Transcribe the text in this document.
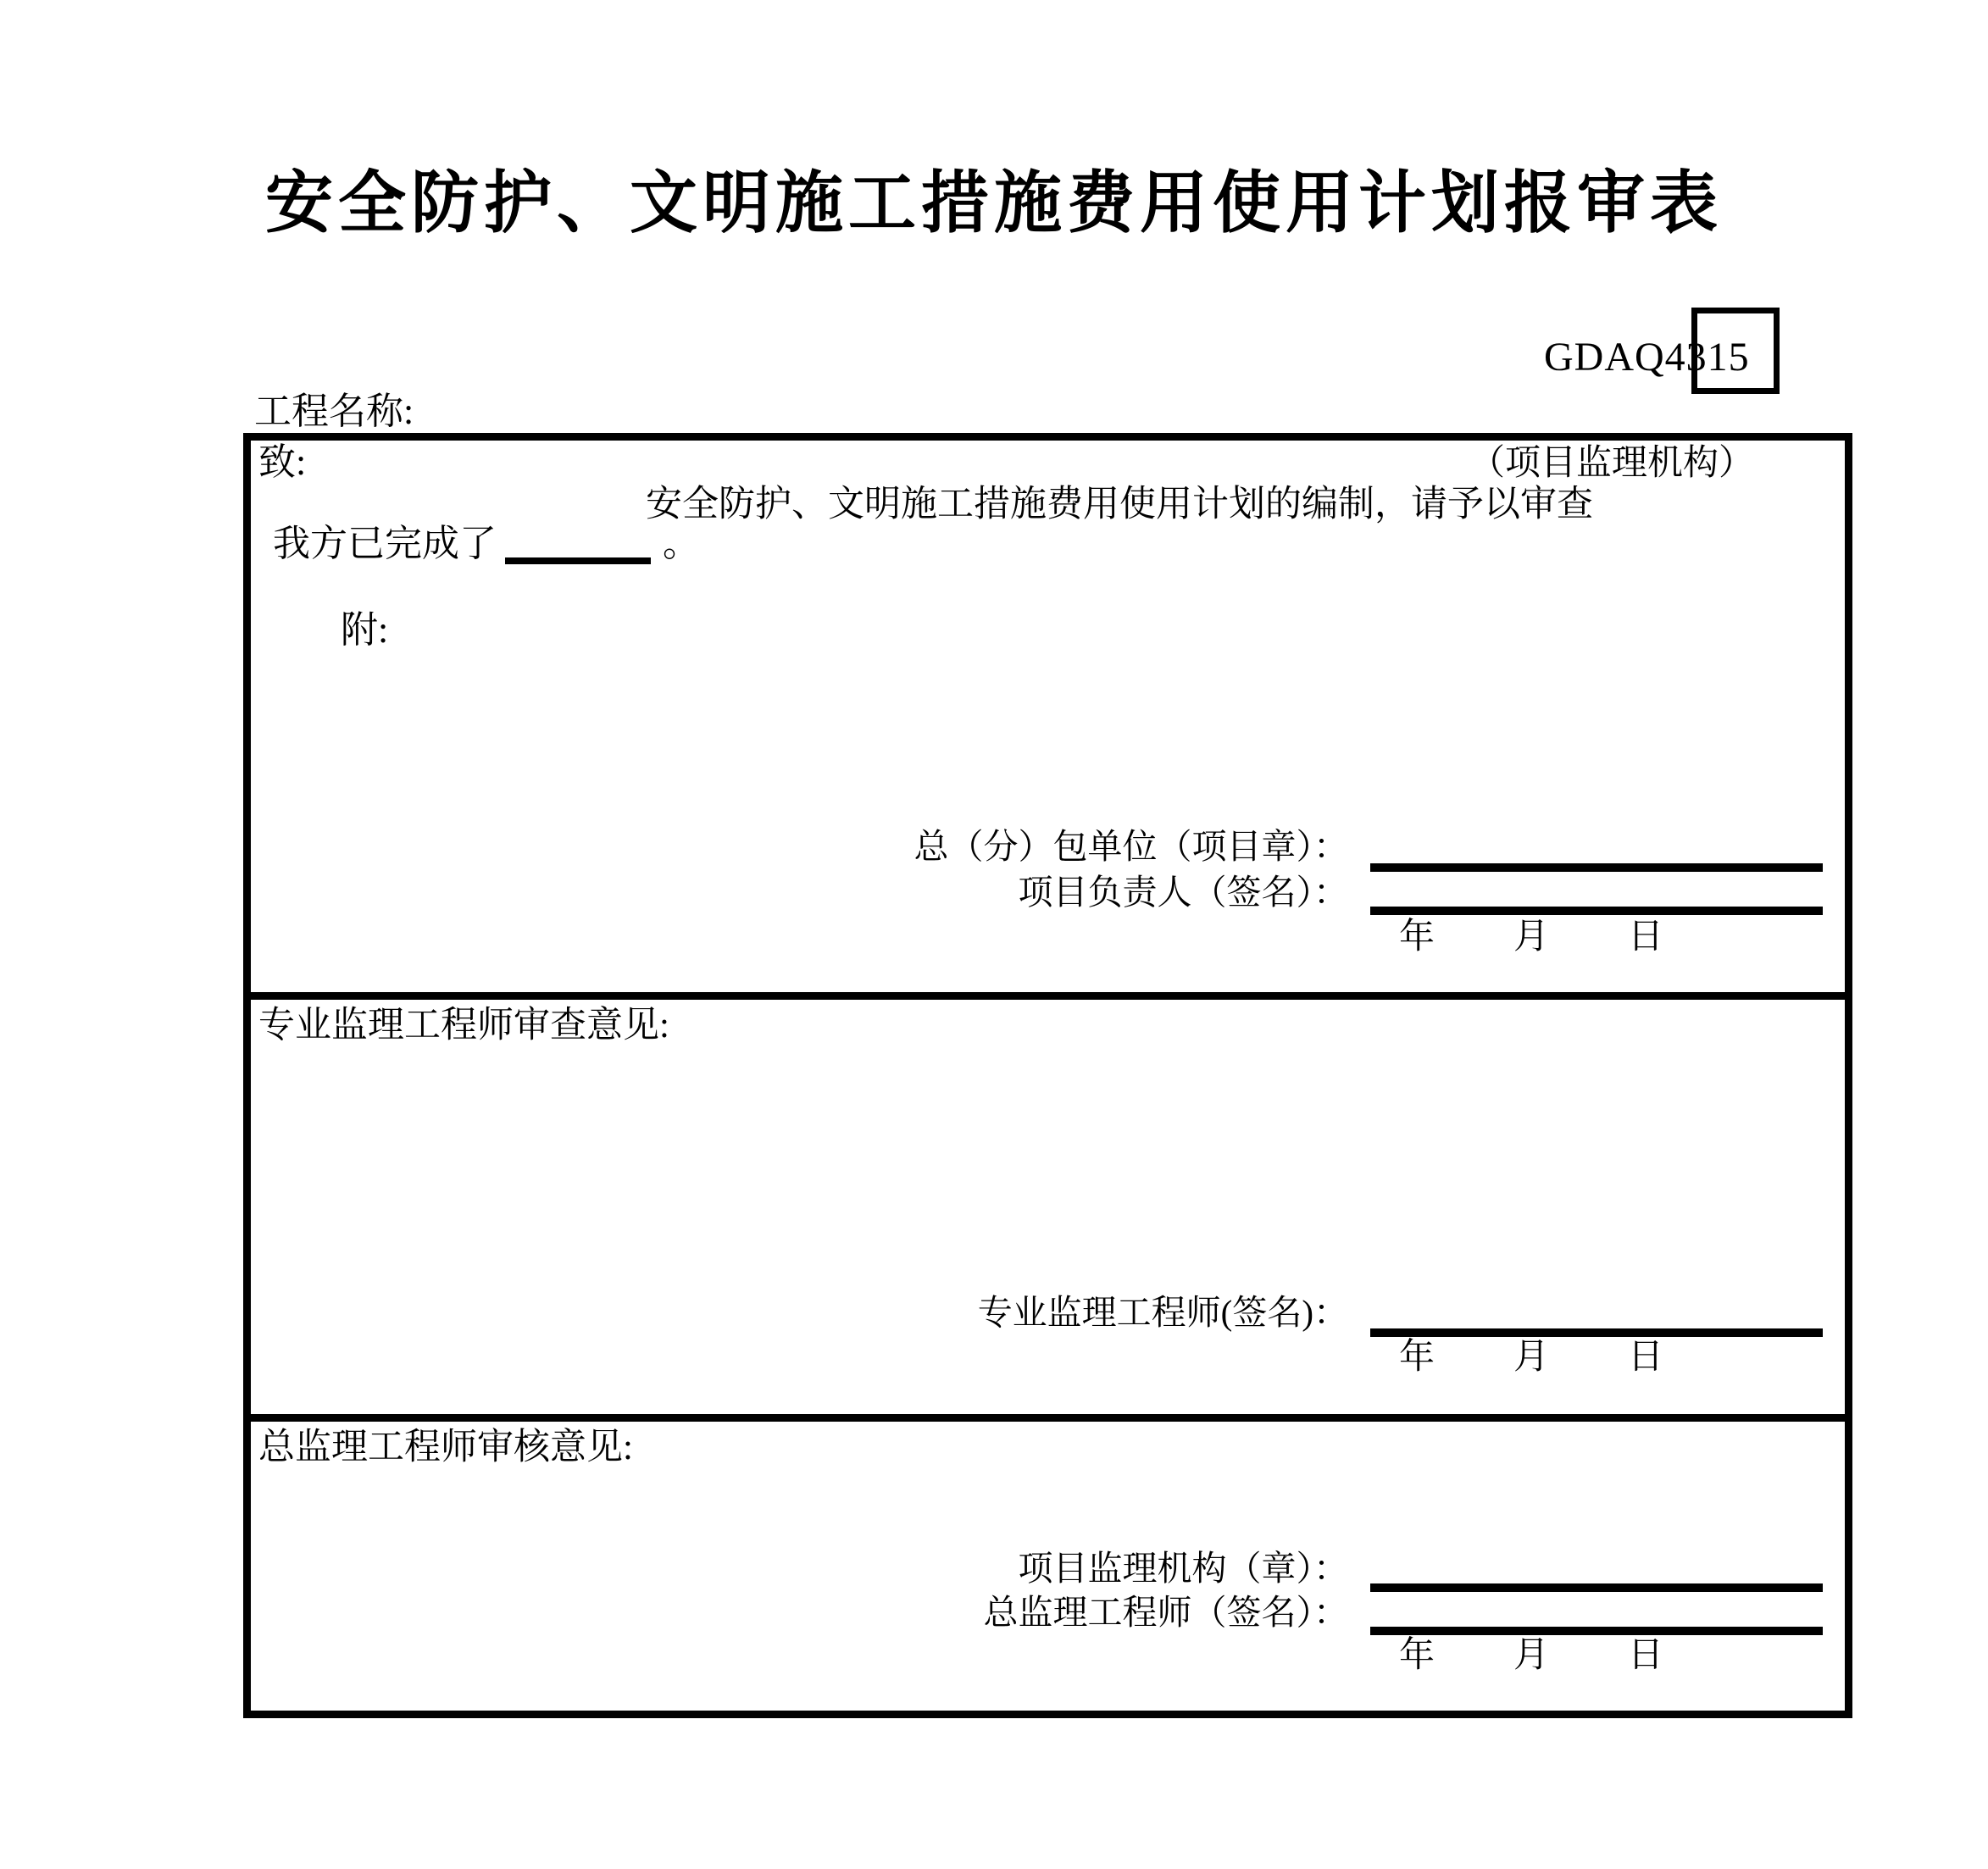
安全防护、文明施工措施费用使用计划报审表
GDAQ4315
工程名称:
致:	（项目监理机构）
安全防护、文明施工措施费用使用计划的编制，请予以审查
我方已完成了	。
附:
总（分）包单位（项目章）：
项目负责人（签名）：
年 月 日
专业监理工程师审查意见:
专业监理工程师(签名)：
年 月 日
总监理工程师审核意见:
项目监理机构（章）：
总监理工程师（签名）：
年 月 日
